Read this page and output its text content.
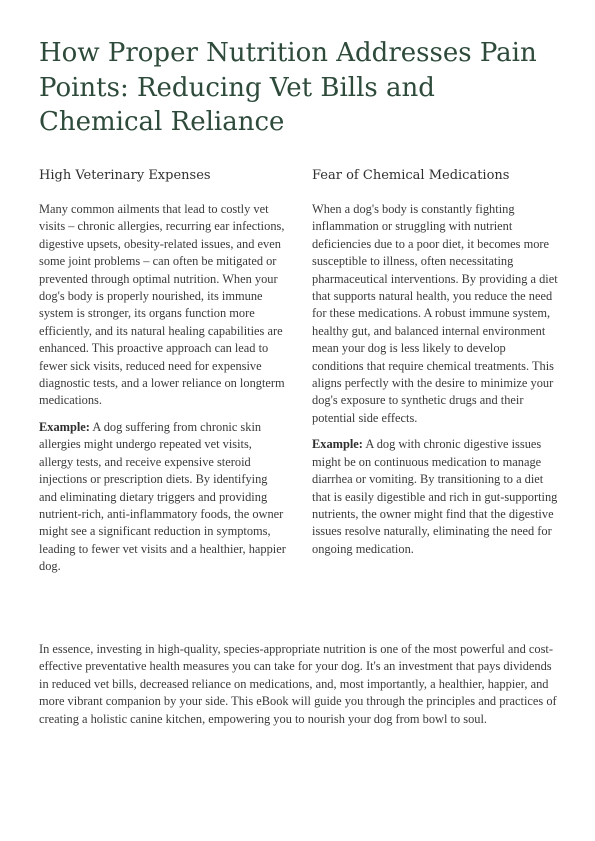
How Proper Nutrition Addresses Pain Points: Reducing Vet Bills and Chemical Reliance
High Veterinary Expenses

Many common ailments that lead to costly vet visits – chronic allergies, recurring ear infections, digestive upsets, obesity-related issues, and even some joint problems – can often be mitigated or prevented through optimal nutrition. When your dog's body is properly nourished, its immune system is stronger, its organs function more efficiently, and its natural healing capabilities are enhanced. This proactive approach can lead to fewer sick visits, reduced need for expensive diagnostic tests, and a lower reliance on longterm medications.

Example: A dog suffering from chronic skin allergies might undergo repeated vet visits, allergy tests, and receive expensive steroid injections or prescription diets. By identifying and eliminating dietary triggers and providing nutrient-rich, anti-inflammatory foods, the owner might see a significant reduction in symptoms, leading to fewer vet visits and a healthier, happier dog.

Fear of Chemical Medications

When a dog's body is constantly fighting inflammation or struggling with nutrient deficiencies due to a poor diet, it becomes more susceptible to illness, often necessitating pharmaceutical interventions. By providing a diet that supports natural health, you reduce the need for these medications. A robust immune system, healthy gut, and balanced internal environment mean your dog is less likely to develop conditions that require chemical treatments. This aligns perfectly with the desire to minimize your dog's exposure to synthetic drugs and their potential side effects.

Example: A dog with chronic digestive issues might be on continuous medication to manage diarrhea or vomiting. By transitioning to a diet that is easily digestible and rich in gut-supporting nutrients, the owner might find that the digestive issues resolve naturally, eliminating the need for ongoing medication.

In essence, investing in high-quality, species-appropriate nutrition is one of the most powerful and cost-effective preventative health measures you can take for your dog. It's an investment that pays dividends in reduced vet bills, decreased reliance on medications, and, most importantly, a healthier, happier, and more vibrant companion by your side. This eBook will guide you through the principles and practices of creating a holistic canine kitchen, empowering you to nourish your dog from bowl to soul.
